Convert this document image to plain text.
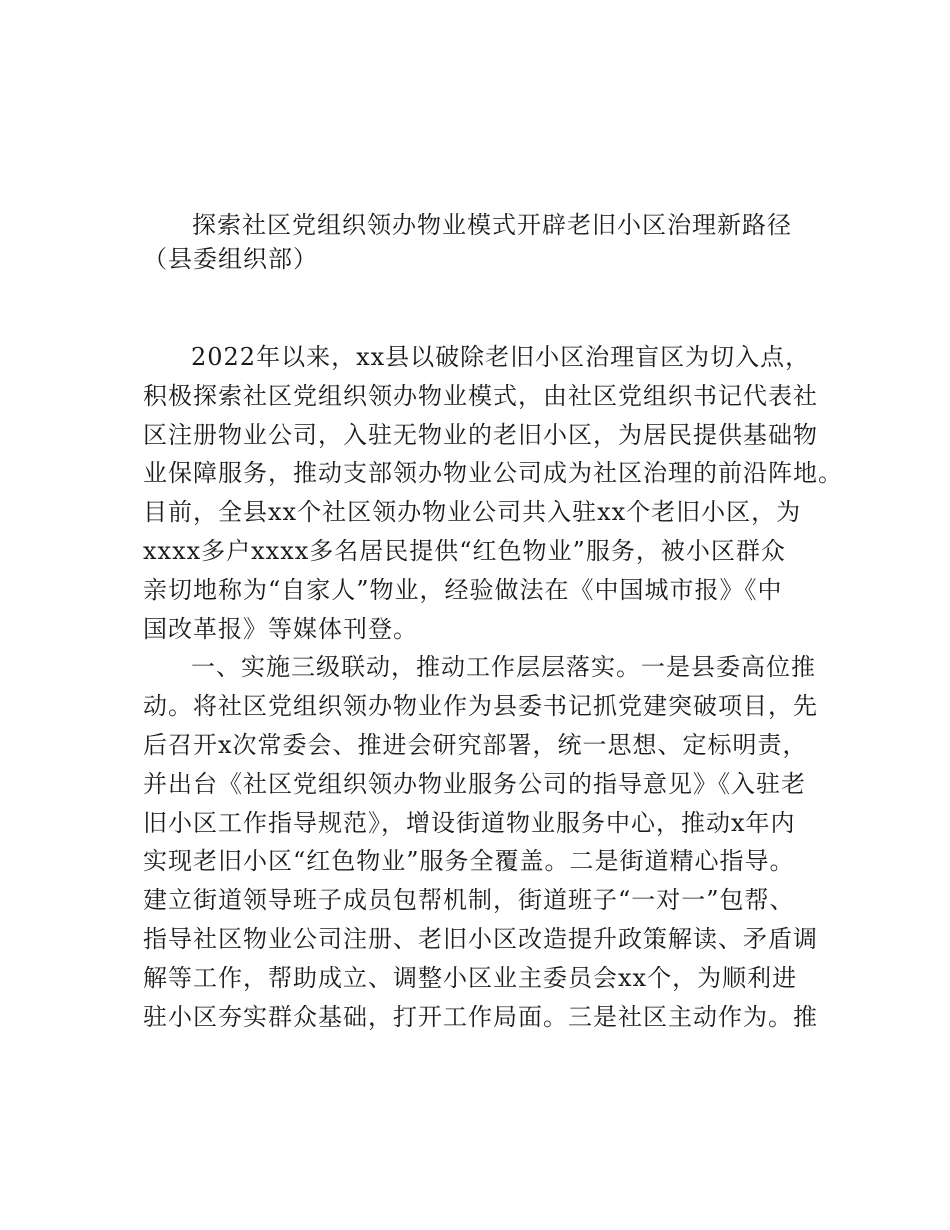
探索社区党组织领办物业模式开辟老旧小区治理新路径
（县委组织部）
2022年以来，xx县以破除老旧小区治理盲区为切入点，
积极探索社区党组织领办物业模式，由社区党组织书记代表社
区注册物业公司，入驻无物业的老旧小区，为居民提供基础物
业保障服务，推动支部领办物业公司成为社区治理的前沿阵地。
目前，全县xx个社区领办物业公司共入驻xx个老旧小区，为
xxxx多户xxxx多名居民提供“红色物业”服务，被小区群众
亲切地称为“自家人”物业，经验做法在《中国城市报》《中
国改革报》等媒体刊登。
一、实施三级联动，推动工作层层落实。一是县委高位推
动。将社区党组织领办物业作为县委书记抓党建突破项目，先
后召开x次常委会、推进会研究部署，统一思想、定标明责，
并出台《社区党组织领办物业服务公司的指导意见》《入驻老
旧小区工作指导规范》，增设街道物业服务中心，推动x年内
实现老旧小区“红色物业”服务全覆盖。二是街道精心指导。
建立街道领导班子成员包帮机制，街道班子“一对一”包帮、
指导社区物业公司注册、老旧小区改造提升政策解读、矛盾调
解等工作，帮助成立、调整小区业主委员会xx个，为顺利进
驻小区夯实群众基础，打开工作局面。三是社区主动作为。推
